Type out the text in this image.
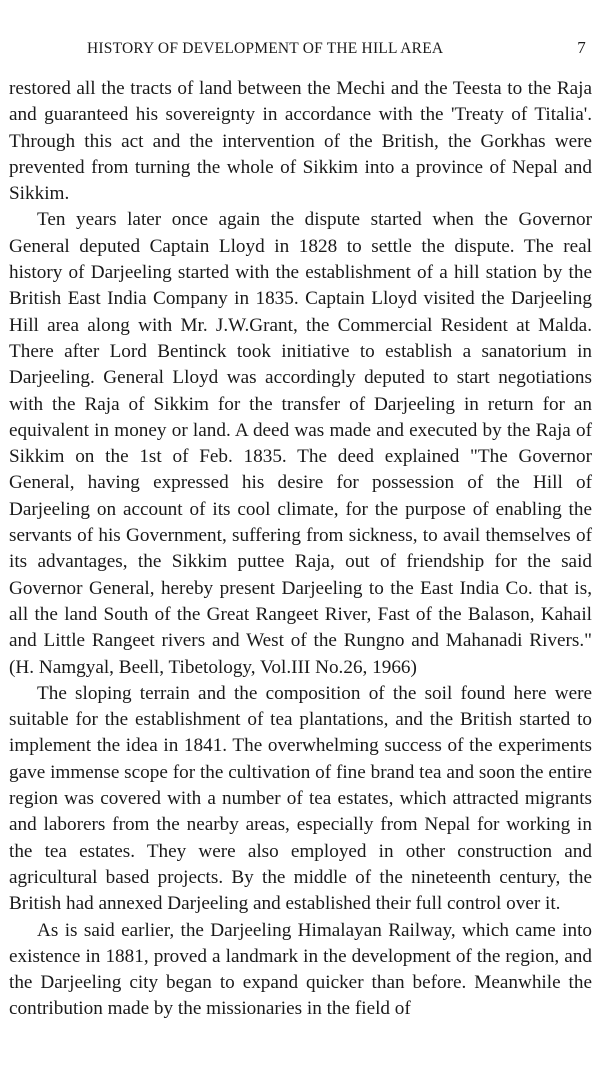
HISTORY OF DEVELOPMENT OF THE HILL AREA	7

restored all the tracts of land between the Mechi and the Teesta to the Raja and guaranteed his sovereignty in accordance with the 'Treaty of Titalia'. Through this act and the intervention of the British, the Gorkhas were prevented from turning the whole of Sikkim into a province of Nepal and Sikkim.

Ten years later once again the dispute started when the Governor General deputed Captain Lloyd in 1828 to settle the dispute. The real history of Darjeeling started with the establishment of a hill station by the British East India Company in 1835. Captain Lloyd visited the Darjeeling Hill area along with Mr. J.W.Grant, the Commercial Resident at Malda. There after Lord Bentinck took initiative to establish a sanatorium in Darjeeling. General Lloyd was accordingly deputed to start negotiations with the Raja of Sikkim for the transfer of Darjeeling in return for an equivalent in money or land. A deed was made and executed by the Raja of Sikkim on the 1st of Feb. 1835. The deed explained "The Governor General, having expressed his desire for possession of the Hill of Darjeeling on account of its cool climate, for the purpose of enabling the servants of his Government, suffering from sickness, to avail themselves of its advantages, the Sikkim puttee Raja, out of friendship for the said Governor General, hereby present Darjeeling to the East India Co. that is, all the land South of the Great Rangeet River, Fast of the Balason, Kahail and Little Rangeet rivers and West of the Rungno and Mahanadi Rivers." (H. Namgyal, Beell, Tibetology, Vol.III No.26, 1966)

The sloping terrain and the composition of the soil found here were suitable for the establishment of tea plantations, and the British started to implement the idea in 1841. The overwhelming success of the experiments gave immense scope for the cultivation of fine brand tea and soon the entire region was covered with a number of tea estates, which attracted migrants and laborers from the nearby areas, especially from Nepal for working in the tea estates. They were also employed in other construction and agricultural based projects. By the middle of the nineteenth century, the British had annexed Darjeeling and established their full control over it.

As is said earlier, the Darjeeling Himalayan Railway, which came into existence in 1881, proved a landmark in the development of the region, and the Darjeeling city began to expand quicker than before. Meanwhile the contribution made by the missionaries in the field of
